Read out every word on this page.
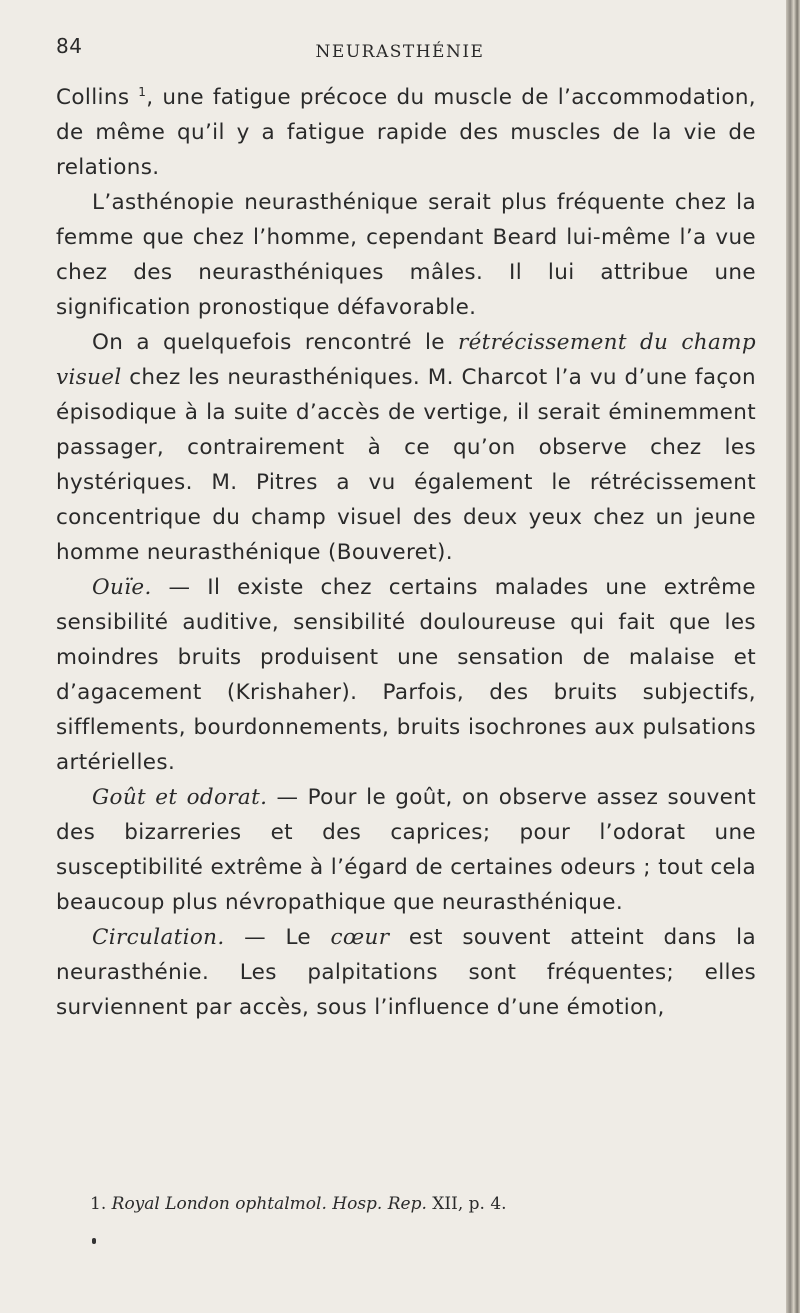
84	NEURASTHÉNIE

Collins $^1$, une fatigue précoce du muscle de l’accommodation, de même qu’il y a fatigue rapide des muscles de la vie de relations.

L’asthénopie neurasthénique serait plus fréquente chez la femme que chez l’homme, cependant Beard lui-même l’a vue chez des neurasthéniques mâles. Il lui attribue une signification pronostique défavorable.

On a quelquefois rencontré le rétrécissement du champ visuel chez les neurasthéniques. M. Charcot l’a vu d’une façon épisodique à la suite d’accès de vertige, il serait éminemment passager, contrairement à ce qu’on observe chez les hystériques. M. Pitres a vu également le rétrécissement concentrique du champ visuel des deux yeux chez un jeune homme neurasthénique (Bouveret).

Ouïe. — Il existe chez certains malades une extrême sensibilité auditive, sensibilité douloureuse qui fait que les moindres bruits produisent une sensation de malaise et d’agacement (Krishaher). Parfois, des bruits subjectifs, sifflements, bourdonnements, bruits isochrones aux pulsations artérielles.

Goût et odorat. — Pour le goût, on observe assez souvent des bizarreries et des caprices; pour l’odorat une susceptibilité extrême à l’égard de certaines odeurs ; tout cela beaucoup plus névropathique que neurasthénique.

Circulation. — Le cœur est souvent atteint dans la neurasthénie. Les palpitations sont fréquentes; elles surviennent par accès, sous l’influence d’une émotion,

1. Royal London ophtalmol. Hosp. Rep. XII, p. 4.
